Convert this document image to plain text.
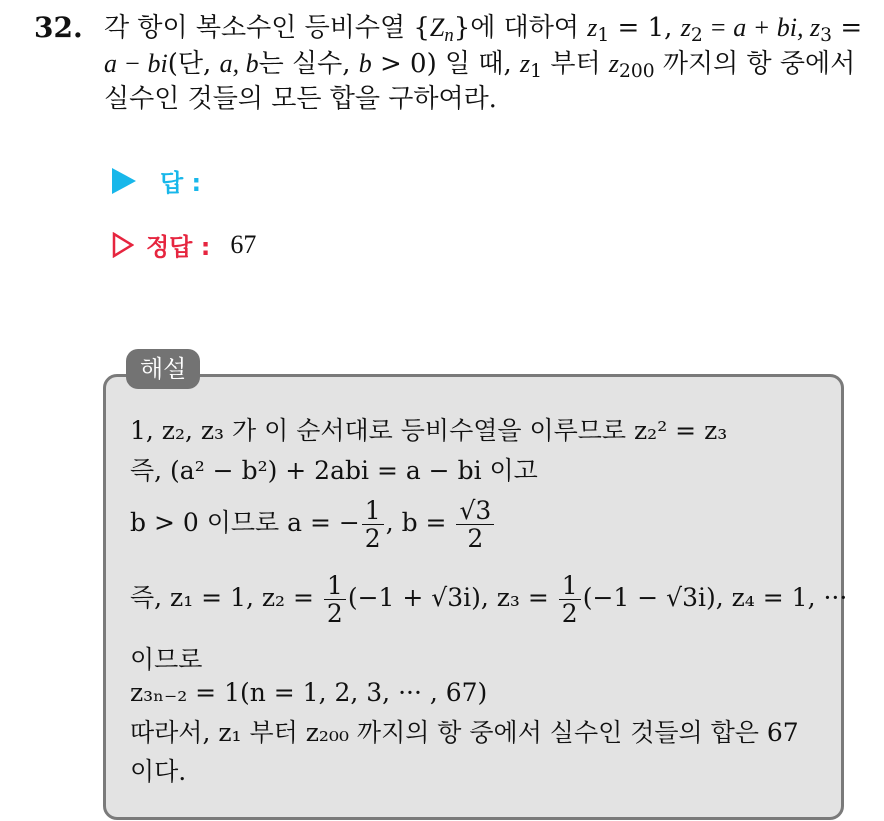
32. 각 항이 복소수인 등비수열 $\{Z_n\}$에 대하여 $z_1 = 1$, $z_2 = a$ + bi, $z_3$ =
a − bi(단, a, b는 실수, b > 0) 일 때, $z_1$ 부터 $z_{200}$ 까지의 항 중에서
실수인 것들의 모든 합을 구하여라.
답 :
정답 : 67
해설
1, z₂, z₃ 가 이 순서대로 등비수열을 이루므로 z₂² = z₃
즉, (a² − b²) + 2abi = a − bi 이고
b > 0 이므로 a = − $\frac{1}{2}$ , $b = \frac{√3}{2}$
즉, z₁ = 1, $z_2 = \frac{1}{2} (-1 + √3i)$, $z_3 = \frac{1}{2} (-1 - √3i)$, z₄ = 1, ···
이므로
z₃ₙ₋₂ = 1(n = 1, 2, 3, ··· , 67)
따라서, z₁ 부터 z₂₀₀ 까지의 항 중에서 실수인 것들의 합은 67
이다.
